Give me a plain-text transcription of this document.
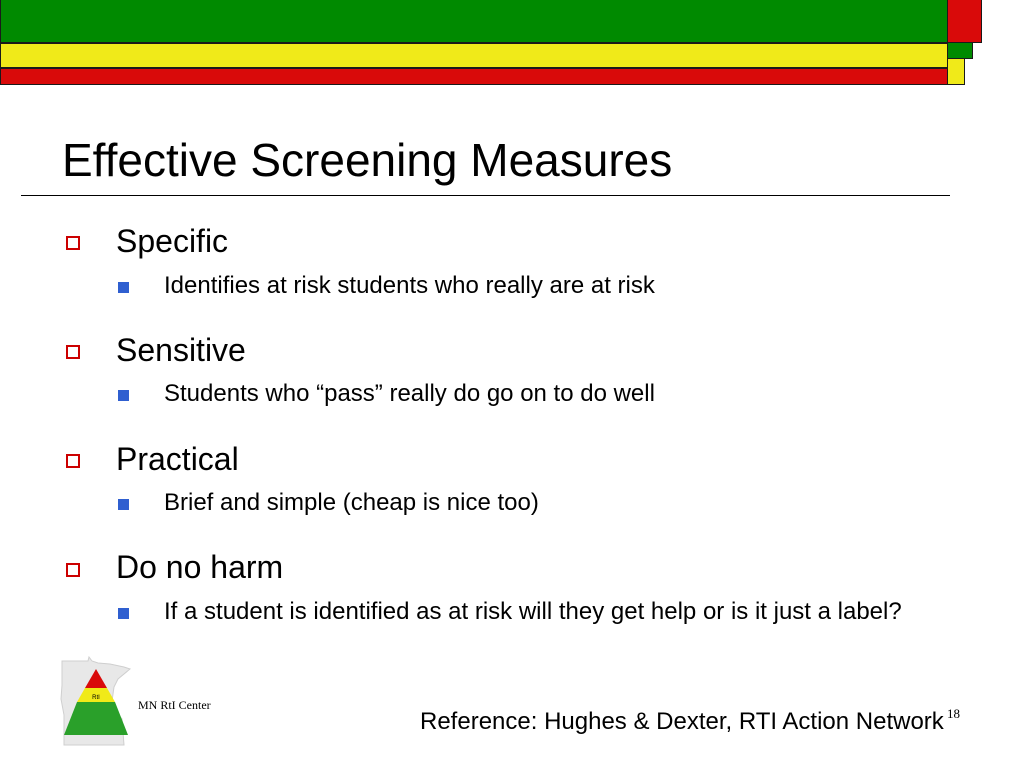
Effective Screening Measures
Specific
Identifies at risk students who really are at risk
Sensitive
Students who “pass” really do go on to do well
Practical
Brief and simple (cheap is nice too)
Do no harm
If a student is identified as at risk will they get help or is it just a label?
RtI	MN RtI Center
Reference: Hughes & Dexter, RTI Action Network 18
